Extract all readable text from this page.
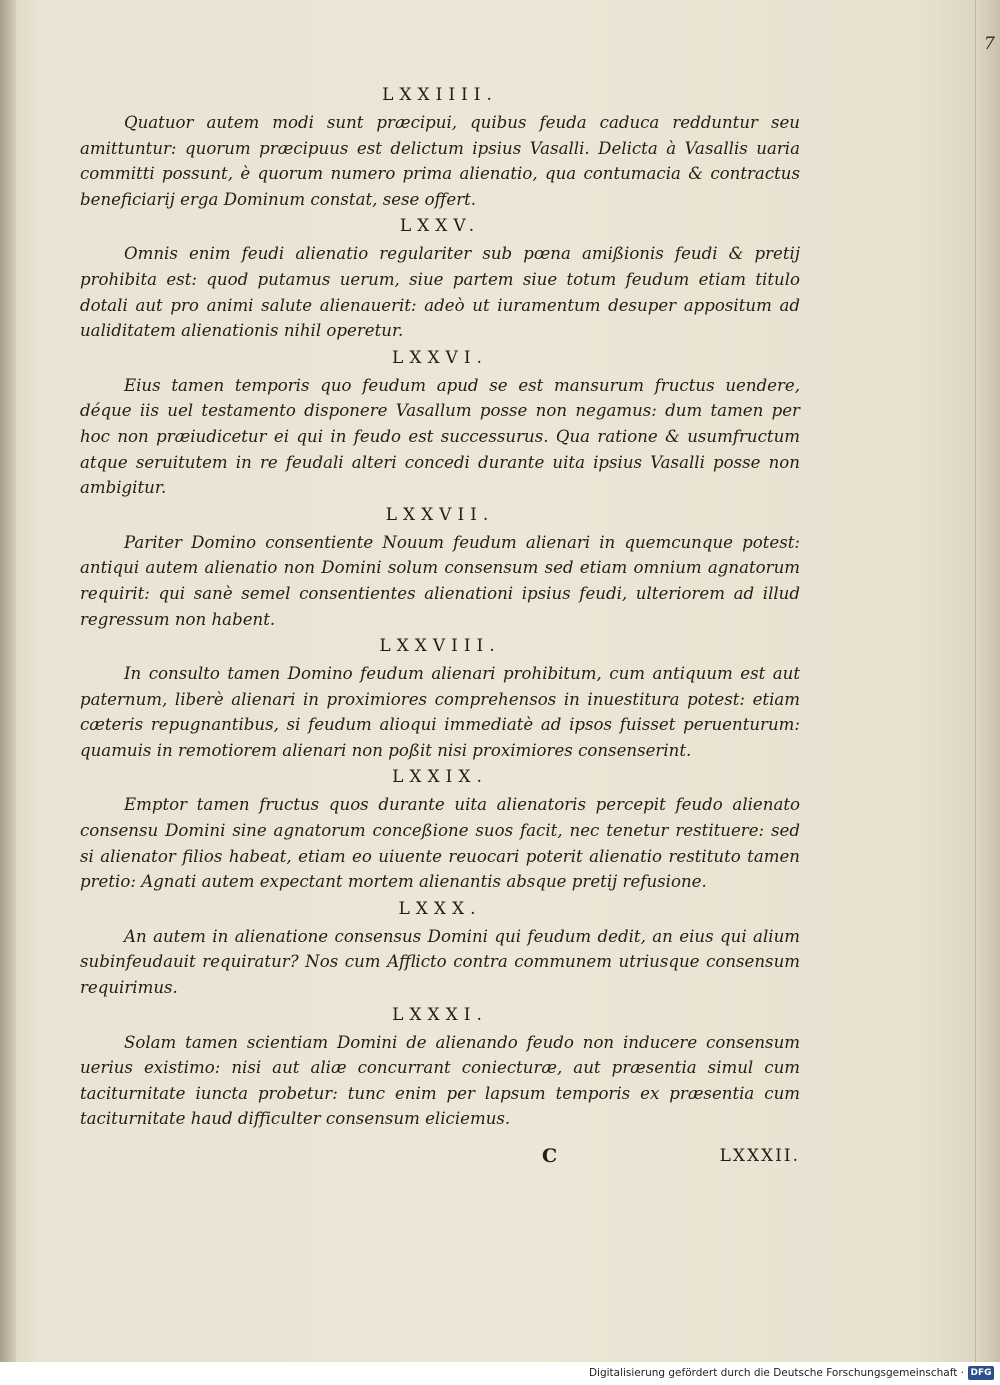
7
LXXIIII.

Quatuor autem modi sunt præcipui, quibus feuda caduca redduntur seu amittuntur: quorum præcipuus est delictum ipsius Vasalli. Delicta à Vasallis uaria committi possunt, è quorum numero prima alienatio, qua contumacia & contractus beneficiarij erga Dominum constat, sese offert.

LXXV.

Omnis enim feudi alienatio regulariter sub pœna amißionis feudi & pretij prohibita est: quod putamus uerum, siue partem siue totum feudum etiam titulo dotali aut pro animi salute alienauerit: adeò ut iuramentum desuper appositum ad ualiditatem alienationis nihil operetur.

LXXVI.

Eius tamen temporis quo feudum apud se est mansurum fructus uendere, déque iis uel testamento disponere Vasallum posse non negamus: dum tamen per hoc non præiudicetur ei qui in feudo est successurus. Qua ratione & usumfructum atque seruitutem in re feudali alteri concedi durante uita ipsius Vasalli posse non ambigitur.

LXXVII.

Pariter Domino consentiente Nouum feudum alienari in quemcunque potest: antiqui autem alienatio non Domini solum consensum sed etiam omnium agnatorum requirit: qui sanè semel consentientes alienationi ipsius feudi, ulteriorem ad illud regressum non habent.

LXXVIII.

In consulto tamen Domino feudum alienari prohibitum, cum antiquum est aut paternum, liberè alienari in proximiores comprehensos in inuestitura potest: etiam cæteris repugnantibus, si feudum alioqui immediatè ad ipsos fuisset peruenturum: quamuis in remotiorem alienari non poßit nisi proximiores consenserint.

LXXIX.

Emptor tamen fructus quos durante uita alienatoris percepit feudo alienato consensu Domini sine agnatorum conceßione suos facit, nec tenetur restituere: sed si alienator filios habeat, etiam eo uiuente reuocari poterit alienatio restituto tamen pretio: Agnati autem expectant mortem alienantis absque pretij refusione.

LXXX.

An autem in alienatione consensus Domini qui feudum dedit, an eius qui alium subinfeudauit requiratur? Nos cum Afflicto contra communem utriusque consensum requirimus.

LXXXI.

Solam tamen scientiam Domini de alienando feudo non inducere consensum uerius existimo: nisi aut aliæ concurrant coniecturæ, aut præsentia simul cum taciturnitate iuncta probetur: tunc enim per lapsum temporis ex præsentia cum taciturnitate haud difficulter consensum eliciemus.

C	LXXXII.
Digitalisierung gefördert durch die Deutsche Forschungsgemeinschaft · DFG
